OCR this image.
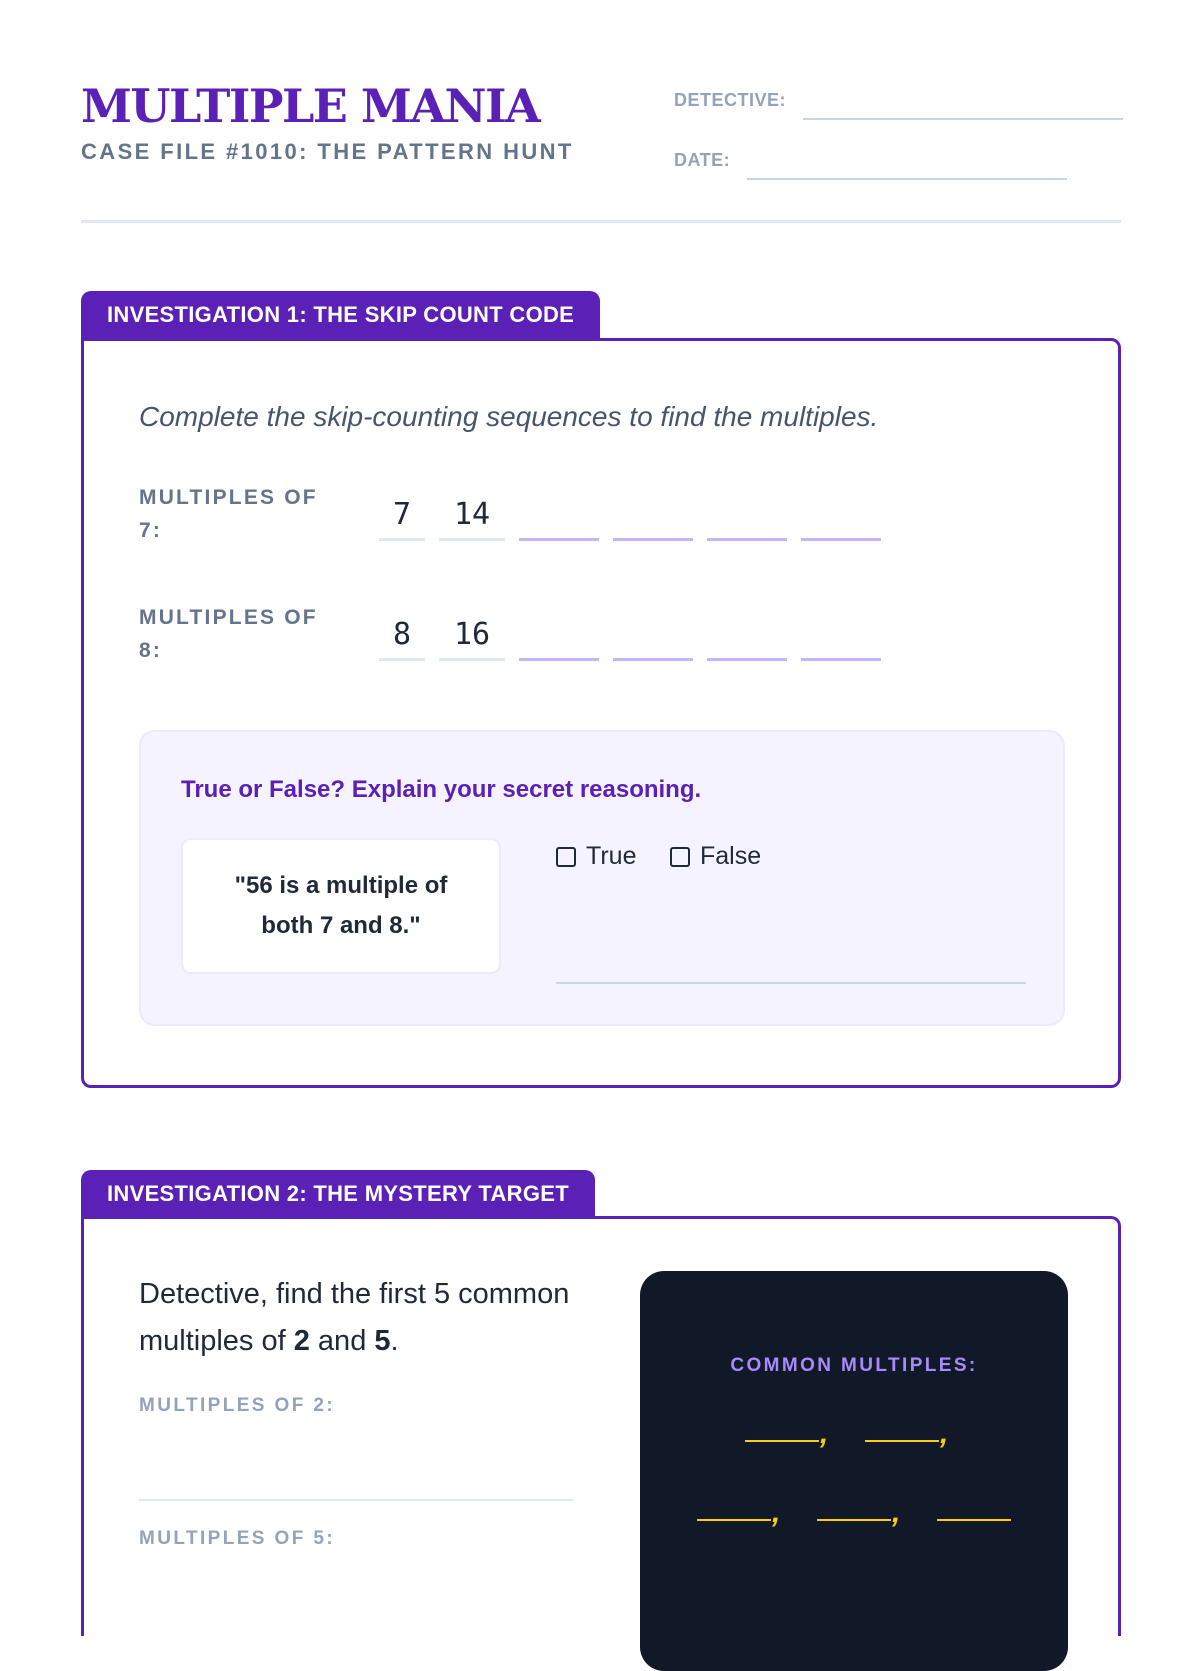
MULTIPLE MANIA
CASE FILE #1010: THE PATTERN HUNT
DETECTIVE:
DATE:
INVESTIGATION 1: THE SKIP COUNT CODE
Complete the skip-counting sequences to find the multiples.
MULTIPLES OF 7:	7	14
MULTIPLES OF 8:	8	16
True or False? Explain your secret reasoning.
"56 is a multiple of both 7 and 8."
True	False
INVESTIGATION 2: THE MYSTERY TARGET
Detective, find the first 5 common multiples of 2 and 5.
MULTIPLES OF 2:
MULTIPLES OF 5:
COMMON MULTIPLES:
,	,
,	,
